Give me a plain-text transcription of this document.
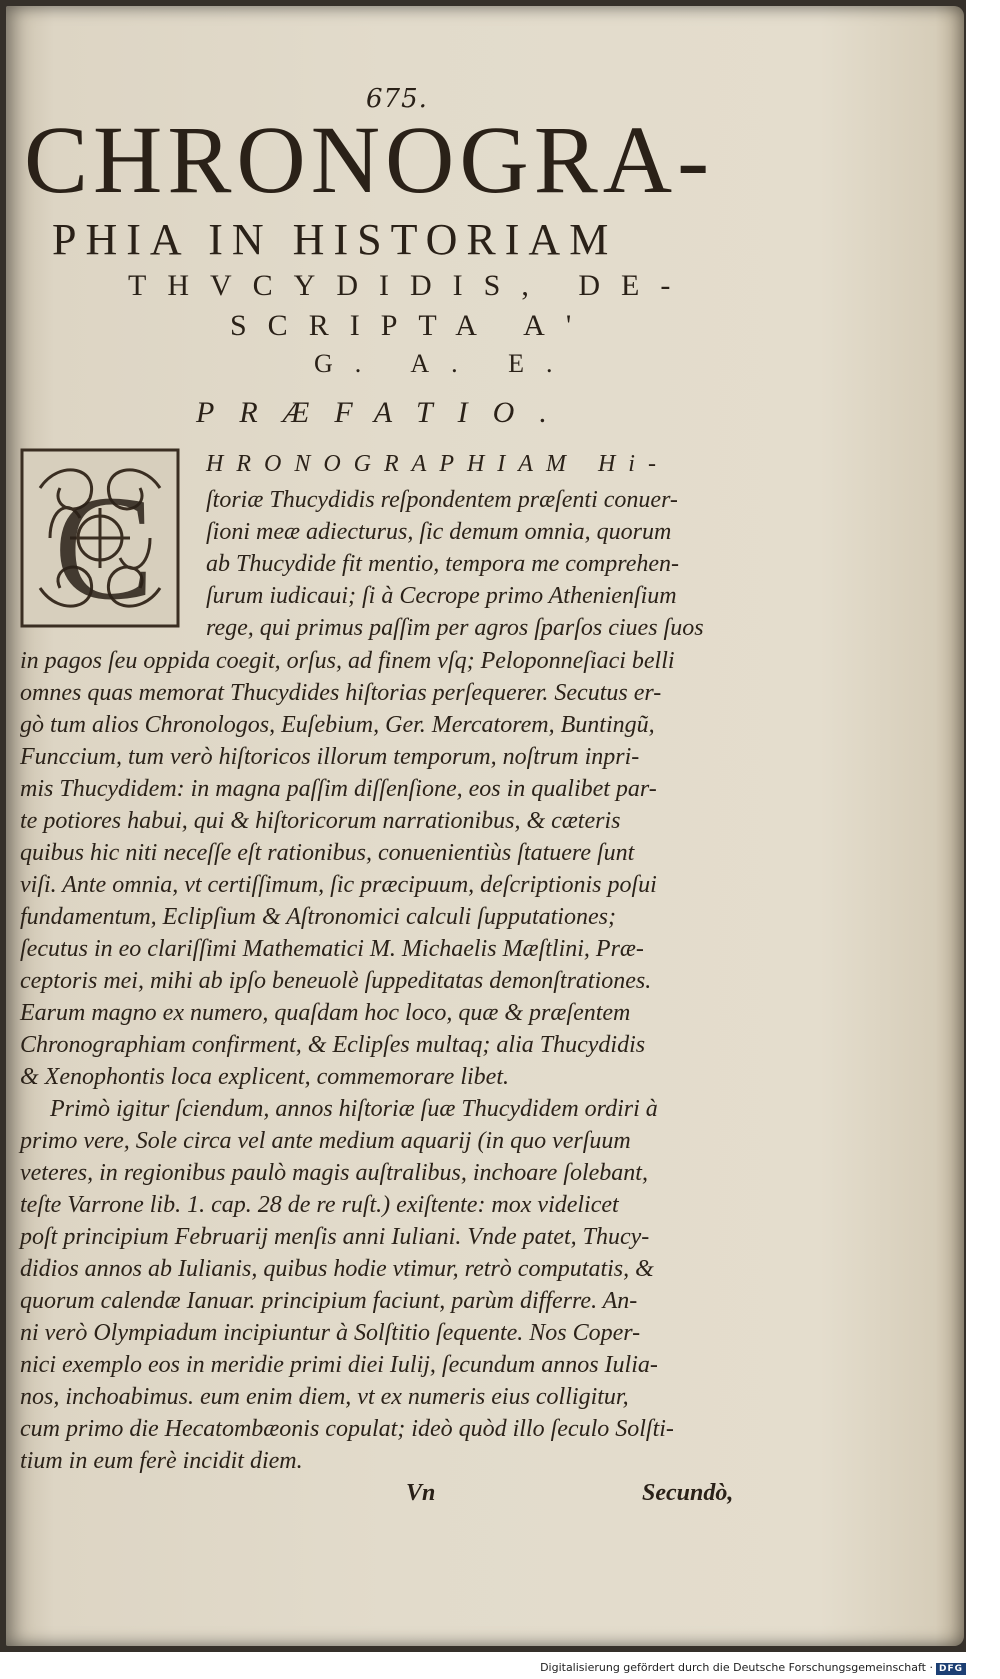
675.
CHRONOGRA-
PHIA IN HISTORIAM
THVCYDIDIS, DE-
SCRIPTA A'
G. A. E.
PRÆFATIO.
C
HRONOGRAPHIAM Hi-
ſtoriæ Thucydidis reſpondentem præſenti conuer-
ſioni meæ adiecturus, ſic demum omnia, quorum
ab Thucydide fit mentio, tempora me comprehen-
ſurum iudicaui; ſi à Cecrope primo Athenienſium
rege, qui primus paſſim per agros ſparſos ciues ſuos
in pagos ſeu oppida coegit, orſus, ad finem vſq; Peloponneſiaci belli
omnes quas memorat Thucydides hiſtorias perſequerer. Secutus er-
gò tum alios Chronologos, Euſebium, Ger. Mercatorem, Buntingũ,
Funccium, tum verò hiſtoricos illorum temporum, noſtrum inpri-
mis Thucydidem: in magna paſſim diſſenſione, eos in qualibet par-
te potiores habui, qui & hiſtoricorum narrationibus, & cæteris
quibus hic niti neceſſe eſt rationibus, conuenientiùs ſtatuere ſunt
viſi. Ante omnia, vt certiſſimum, ſic præcipuum, deſcriptionis poſui
fundamentum, Eclipſium & Aſtronomici calculi ſupputationes;
ſecutus in eo clariſſimi Mathematici M. Michaelis Mæſtlini, Præ-
ceptoris mei, mihi ab ipſo beneuolè ſuppeditatas demonſtrationes.
Earum magno ex numero, quaſdam hoc loco, quæ & præſentem
Chronographiam confirment, & Eclipſes multaq; alia Thucydidis
& Xenophontis loca explicent, commemorare libet.
Primò igitur ſciendum, annos hiſtoriæ ſuæ Thucydidem ordiri à
primo vere, Sole circa vel ante medium aquarij (in quo verſuum
veteres, in regionibus paulò magis auſtralibus, inchoare ſolebant,
teſte Varrone lib. 1. cap. 28 de re ruſt.) exiſtente: mox videlicet
poſt principium Februarij menſis anni Iuliani. Vnde patet, Thucy-
didios annos ab Iulianis, quibus hodie vtimur, retrò computatis, &
quorum calendæ Ianuar. principium faciunt, parùm differre. An-
ni verò Olympiadum incipiuntur à Solſtitio ſequente. Nos Coper-
nici exemplo eos in meridie primi diei Iulij, ſecundum annos Iulia-
nos, inchoabimus. eum enim diem, vt ex numeris eius colligitur,
cum primo die Hecatombæonis copulat; ideò quòd illo ſeculo Solſti-
tium in eum ferè incidit diem.
Vn	Secundò,
Digitalisierung gefördert durch die Deutsche Forschungsgemeinschaft · DFG
